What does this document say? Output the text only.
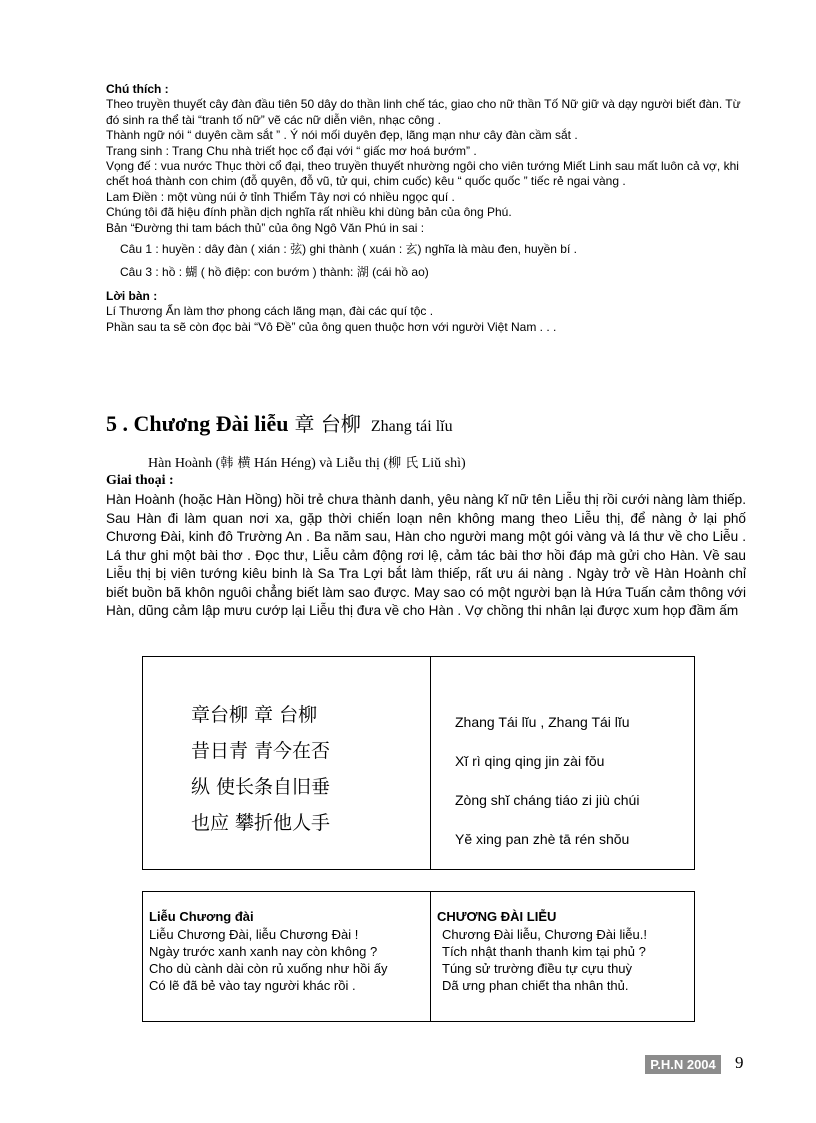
Chú thích :

Theo truyền thuyết cây đàn đầu tiên 50 dây do thần linh chế tác, giao cho nữ thần Tố Nữ giữ và dạy người biết đàn. Từ đó sinh ra thể tài “tranh tố nữ” vẽ các nữ diễn viên, nhạc công .

Thành ngữ nói “ duyên cầm sắt ” . Ý nói mối duyên đẹp, lãng mạn như cây đàn cầm sắt .

Trang sinh : Trang Chu nhà triết học cổ đại với “ giấc mơ hoá bướm” .

Vọng đế : vua nước Thục thời cổ đại, theo truyền thuyết nhường ngôi cho viên tướng Miết Linh sau mất luôn cả vợ, khi chết hoá thành con chim (đỗ quyên, đỗ vũ, tử qui, chim cuốc) kêu “ quốc quốc ” tiếc rẻ ngai vàng .

Lam Điền : một vùng núi ở tỉnh Thiểm Tây nơi có nhiều ngọc quí .

Chúng tôi đã hiệu đính phần dịch nghĩa rất nhiều khi dùng bản của ông Phú.

Bản “Đường thi tam bách thủ” của ông Ngô Văn Phú in sai :

Câu 1 : huyền : dây đàn ( xián : 弦) ghi thành ( xuán : 玄) nghĩa là màu đen, huyền bí .

Câu 3 : hồ : 蝴 ( hồ điệp: con bướm ) thành: 湖 (cái hồ ao)

Lời bàn :

Lí Thương Ẩn làm thơ phong cách lãng mạn, đài các quí tộc .

Phần sau ta sẽ còn đọc bài “Vô Đề” của ông quen thuộc hơn với người Việt Nam . . .

5 . Chương Đài liễu 章 台柳 Zhang tái lǐu
Hàn Hoành (韩 横 Hán Héng) và Liễu thị (柳 氏 Liŭ shì)
Giai thoại :

Hàn Hoành (hoặc Hàn Hồng) hồi trẻ chưa thành danh, yêu nàng kĩ nữ tên Liễu thị rồi cưới nàng làm thiếp. Sau Hàn đi làm quan nơi xa, gặp thời chiến loạn nên không mang theo Liễu thị, để nàng ở lại phố Chương Đài, kinh đô Trường An . Ba năm sau, Hàn cho người mang một gói vàng và lá thư về cho Liễu . Lá thư ghi một bài thơ . Đọc thư, Liễu cảm động rơi lệ, cảm tác bài thơ hồi đáp mà gửi cho Hàn. Về sau Liễu thị bị viên tướng kiêu binh là Sa Tra Lợi bắt làm thiếp, rất ưu ái nàng . Ngày trở về Hàn Hoành chỉ biết buồn bã khôn nguôi chẳng biết làm sao được. May sao có một người bạn là Hứa Tuấn cảm thông với Hàn, dũng cảm lập mưu cướp lại Liễu thị đưa về cho Hàn . Vợ chồng thi nhân lại được xum họp đầm ấm

章台柳 章 台柳
昔日青 青今在否
纵 使长条自旧垂
也应 攀折他人手
Zhang Tái lĭu , Zhang Tái lĭu
Xĭ rì qing qing jin zài fŏu
Zòng shĭ cháng tiáo zi jiù chúi
Yĕ xing pan zhè tā rén shŏu
Liễu Chương đài
Liễu Chương Đài, liễu Chương Đài !
Ngày trước xanh xanh nay còn không ?
Cho dù cành dài còn rủ xuống như hồi ấy
Có lẽ đã bẻ vào tay người khác rồi .
CHƯƠNG ĐÀI LIỄU
Chương Đài liễu, Chương Đài liễu.!
Tích nhật thanh thanh kim tại phủ ?
Túng sử trường điều tự cựu thuỳ
Dã ưng phan chiết tha nhân thủ.
P.H.N 2004	9
